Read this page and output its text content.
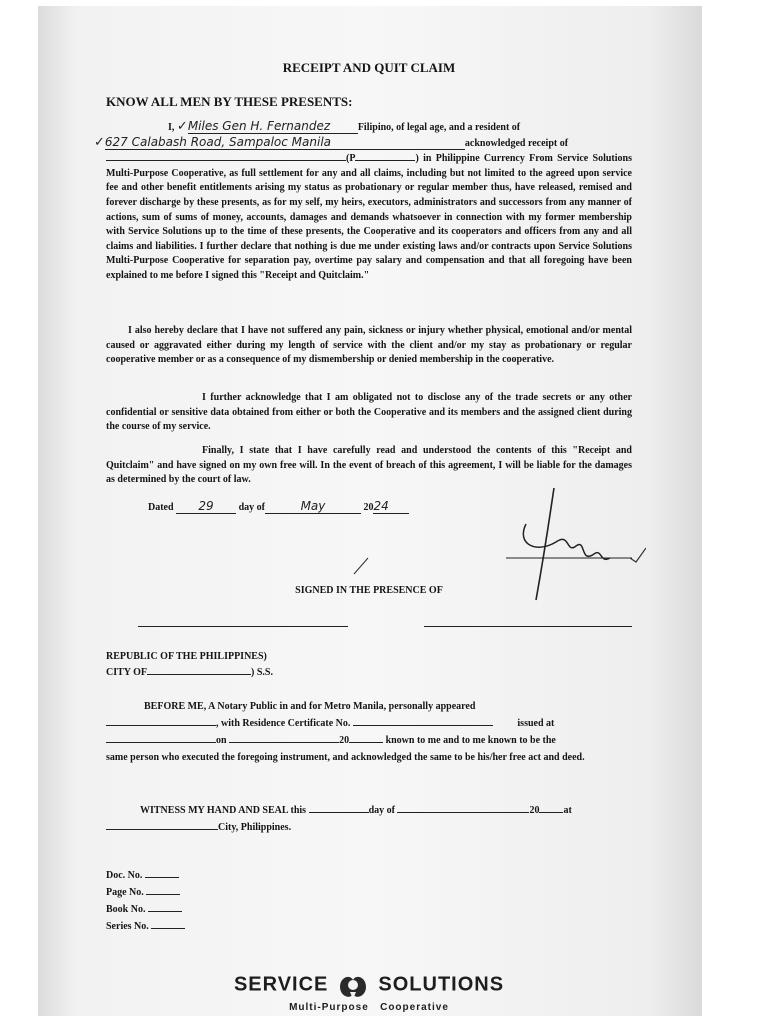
RECEIPT AND QUIT CLAIM
KNOW ALL MEN BY THESE PRESENTS:
I, ✓Miles Gen H. Fernandez	Filipino, of legal age, and a resident of
✓627 Calabash Road, Sampaloc Manila	acknowledged receipt of
(P	) in Philippine Currency From Service Solutions Multi-Purpose Cooperative, as full settlement for any and all claims, including but not limited to the agreed upon service fee and other benefit entitlements arising my status as probationary or regular member thus, have released, remised and forever discharge by these presents, as for my self, my heirs, executors, administrators and successors from any manner of actions, sum of sums of money, accounts, damages and demands whatsoever in connection with my former membership with Service Solutions up to the time of these presents, the Cooperative and its cooperators and officers from any and all claims and liabilities. I further declare that nothing is due me under existing laws and/or contracts upon Service Solutions Multi-Purpose Cooperative for separation pay, overtime pay salary and compensation and that all foregoing have been explained to me before I signed this "Receipt and Quitclaim."
I also hereby declare that I have not suffered any pain, sickness or injury whether physical, emotional and/or mental caused or aggravated either during my length of service with the client and/or my stay as probationary or regular cooperative member or as a consequence of my dismembership or denied membership in the cooperative.
I further acknowledge that I am obligated not to disclose any of the trade secrets or any other confidential or sensitive data obtained from either or both the Cooperative and its members and the assigned client during the course of my service.
Finally, I state that I have carefully read and understood the contents of this "Receipt and Quitclaim" and have signed on my own free will. In the event of breach of this agreement, I will be liable for the damages as determined by the court of law.
Dated 29 day of	May	2024
SIGNED IN THE PRESENCE OF
REPUBLIC OF THE PHILIPPINES)
CITY OF	) S.S.
BEFORE ME, A Notary Public in and for Metro Manila, personally appeared
, with Residence Certificate No.	issued at
on	20	known to me and to me known to be the
same person who executed the foregoing instrument, and acknowledged the same to be his/her free act and deed.
WITNESS MY HAND AND SEAL this	day of	20 at
City, Philippines.
Doc. No.
Page No.
Book No.
Series No.
SERVICE	SOLUTIONS
Multi-Purpose   Cooperative
